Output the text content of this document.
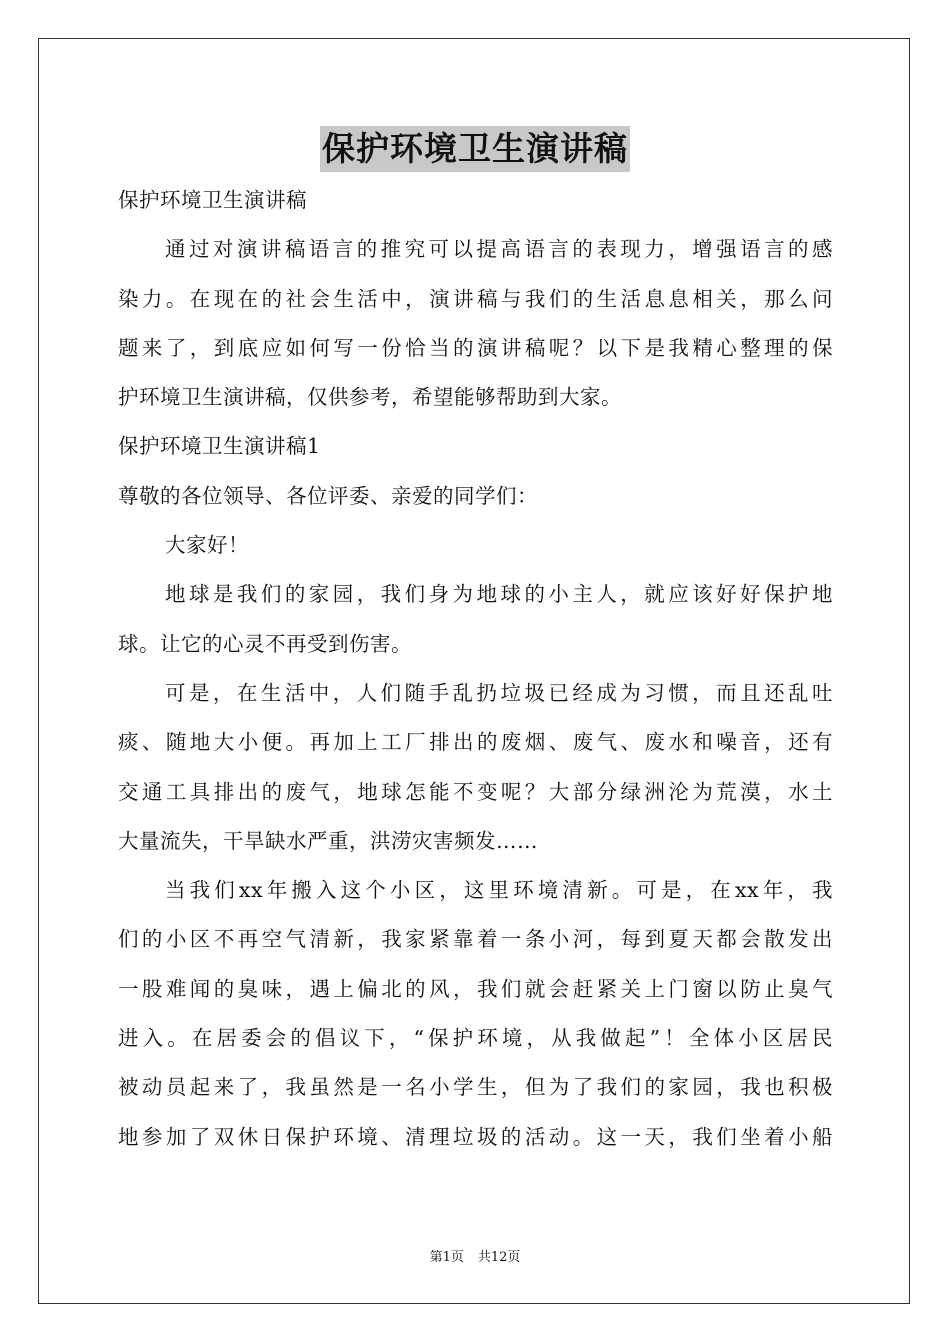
保护环境卫生演讲稿
保护环境卫生演讲稿
通过对演讲稿语言的推究可以提高语言的表现力，增强语言的感
染力。在现在的社会生活中，演讲稿与我们的生活息息相关，那么问
题来了，到底应如何写一份恰当的演讲稿呢？以下是我精心整理的保
护环境卫生演讲稿，仅供参考，希望能够帮助到大家。
保护环境卫生演讲稿1
尊敬的各位领导、各位评委、亲爱的同学们：
大家好！
地球是我们的家园，我们身为地球的小主人，就应该好好保护地
球。让它的心灵不再受到伤害。
可是，在生活中，人们随手乱扔垃圾已经成为习惯，而且还乱吐
痰、随地大小便。再加上工厂排出的废烟、废气、废水和噪音，还有
交通工具排出的废气，地球怎能不变呢？大部分绿洲沦为荒漠，水土
大量流失，干旱缺水严重，洪涝灾害频发……
当我们xx年搬入这个小区，这里环境清新。可是，在xx年，我
们的小区不再空气清新，我家紧靠着一条小河，每到夏天都会散发出
一股难闻的臭味，遇上偏北的风，我们就会赶紧关上门窗以防止臭气
进入。在居委会的倡议下，“保护环境，从我做起”！全体小区居民
被动员起来了，我虽然是一名小学生，但为了我们的家园，我也积极
地参加了双休日保护环境、清理垃圾的活动。这一天，我们坐着小船
第1页 共12页
